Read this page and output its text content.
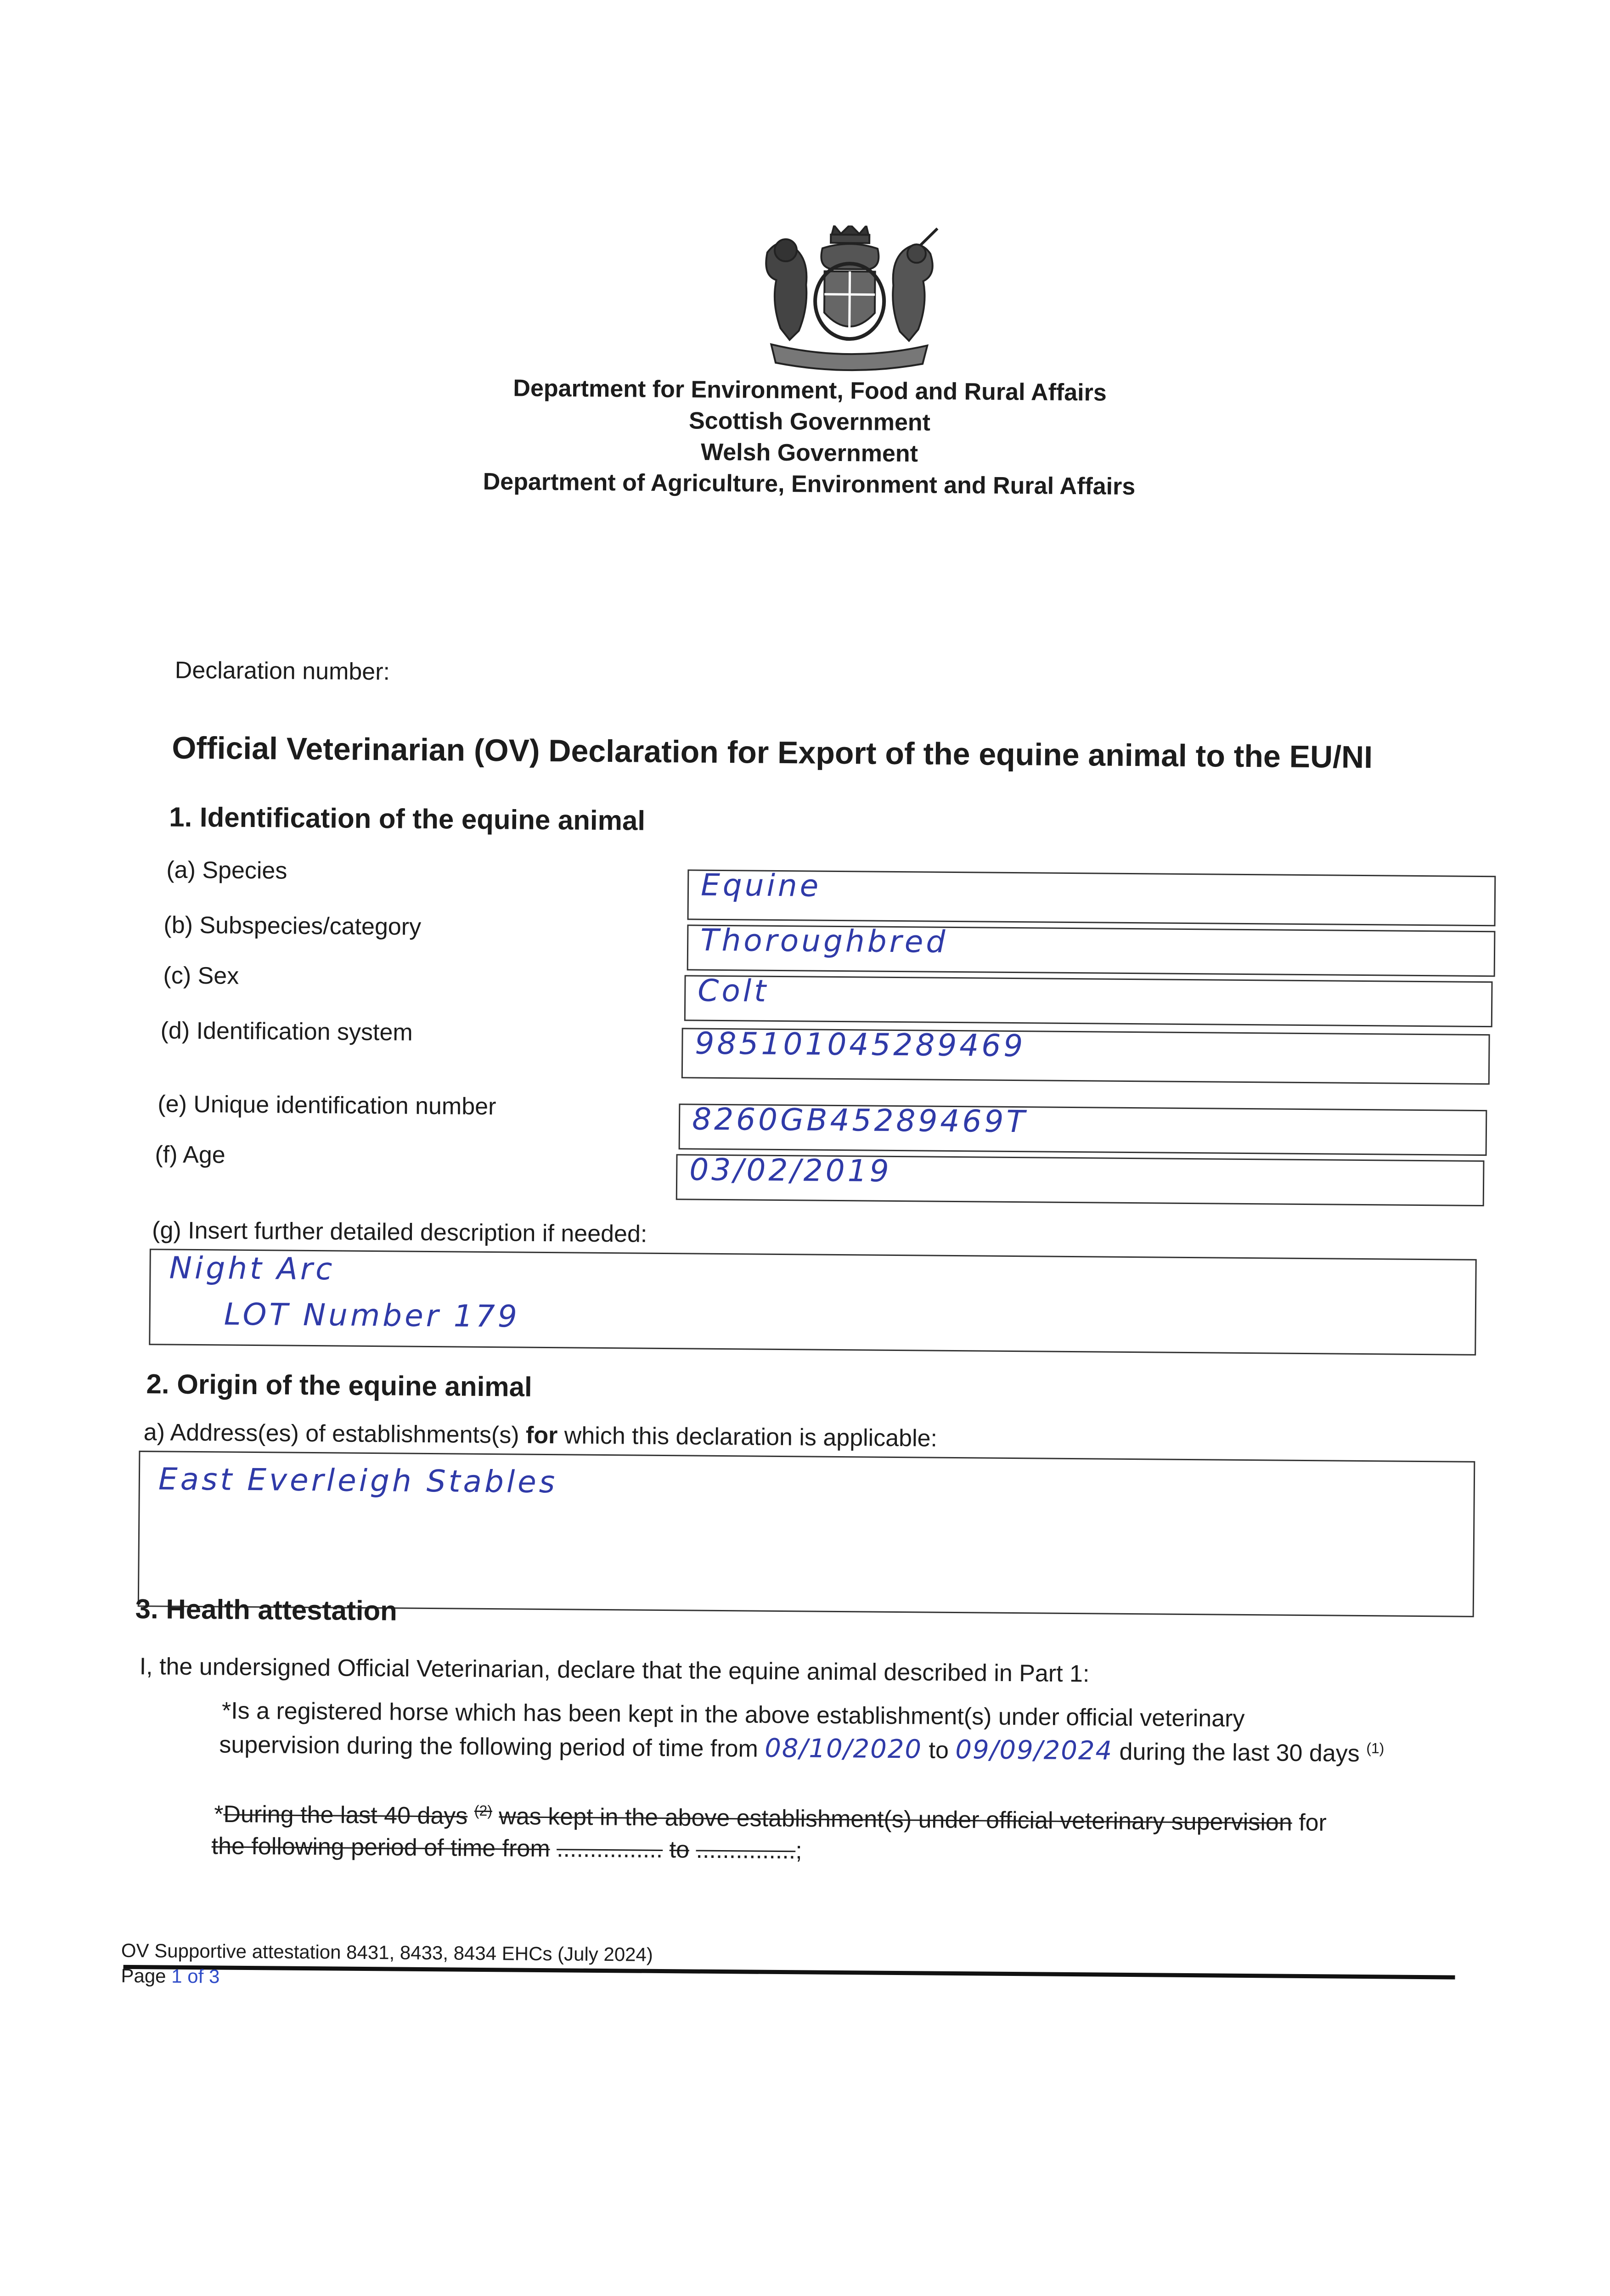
Department for Environment, Food and Rural Affairs
Scottish Government
Welsh Government
Department of Agriculture, Environment and Rural Affairs
Declaration number:
Official Veterinarian (OV) Declaration for Export of the equine animal to the EU/NI
1. Identification of the equine animal
(a) Species	Equine
(b) Subspecies/category	Thoroughbred
(c) Sex	Colt
(d) Identification system	985101045289469
(e) Unique identification number	8260GB45289469T
(f) Age	03/02/2019
(g) Insert further detailed description if needed:
Night Arc
LOT Number 179
2. Origin of the equine animal
a) Address(es) of establishments(s) for which this declaration is applicable:
East Everleigh Stables
3. Health attestation
I, the undersigned Official Veterinarian, declare that the equine animal described in Part 1:
*Is a registered horse which has been kept in the above establishment(s) under official veterinary
supervision during the following period of time from 08/10/2020 to 09/09/2024 during the last 30 days $^{(1)}$
*During the last 40 days $^{(2)}$ was kept in the above establishment(s) under official veterinary supervision for
the following period of time from ................ to ...............;
OV Supportive attestation 8431, 8433, 8434 EHCs (July 2024)
Page 1 of 3
